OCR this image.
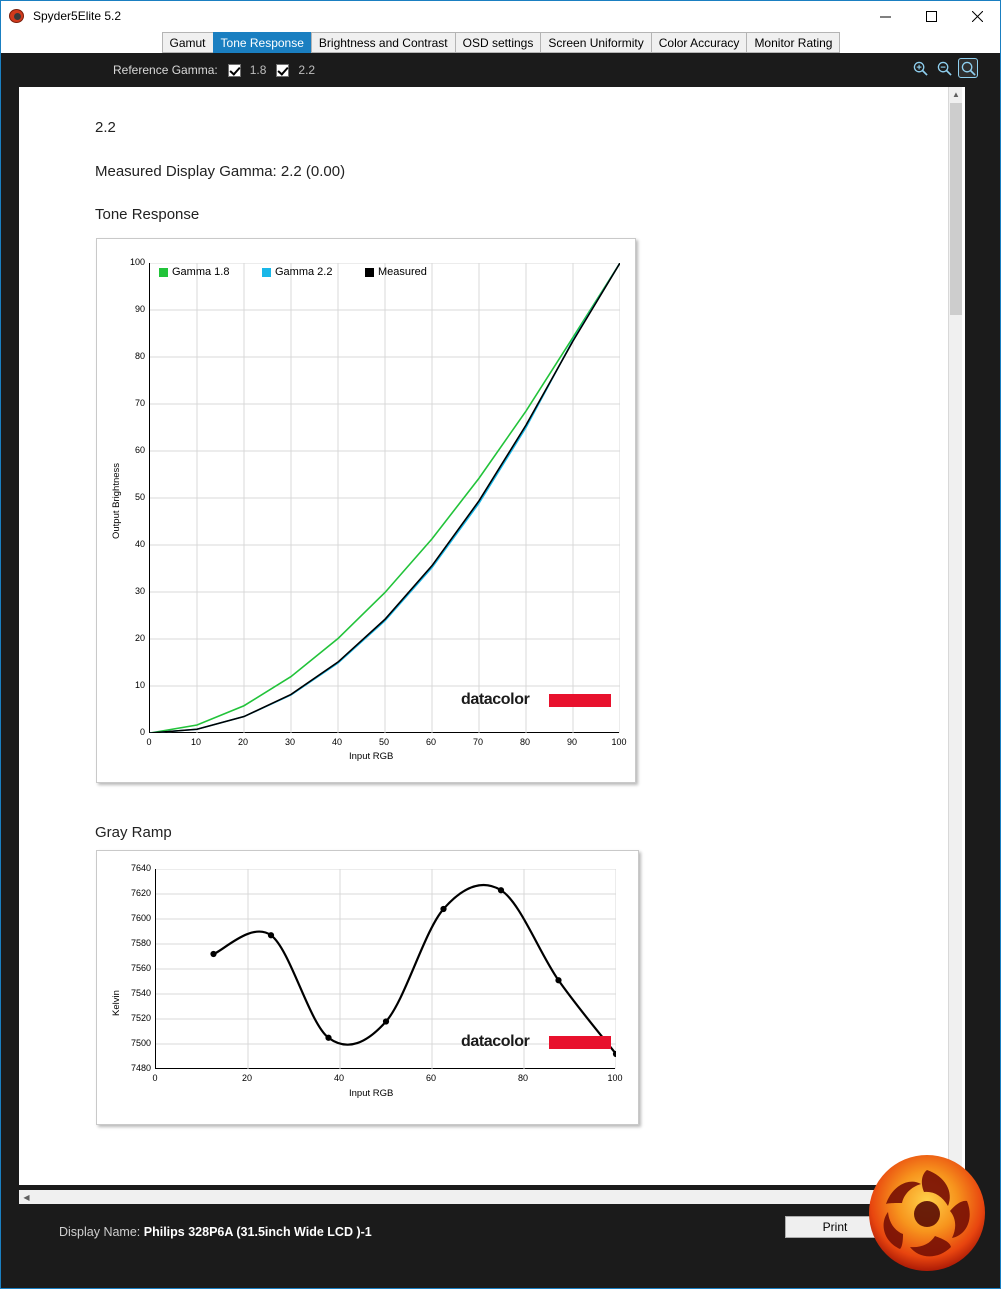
Spyder5Elite 5.2
Gamut	Tone Response	Brightness and Contrast	OSD settings	Screen Uniformity	Color Accuracy	Monitor Rating
Reference Gamma:	1.8	2.2
2.2
Measured Display Gamma: 2.2 (0.00)
Tone Response
Output Brightness
0
10
20
30
40
50
60
70
80
90
100
0	10	20	30	40	50	60	70	80	90	100
Input RGB
Gamma 1.8	Gamma 2.2	Measured
datacolor
Gray Ramp
Kelvin
7480
7500
7520
7540
7560
7580
7600
7620
7640
0	20	40	60	80	100
Input RGB
datacolor
▲
◀
Display Name: Philips 328P6A (31.5inch Wide LCD )-1	Print
